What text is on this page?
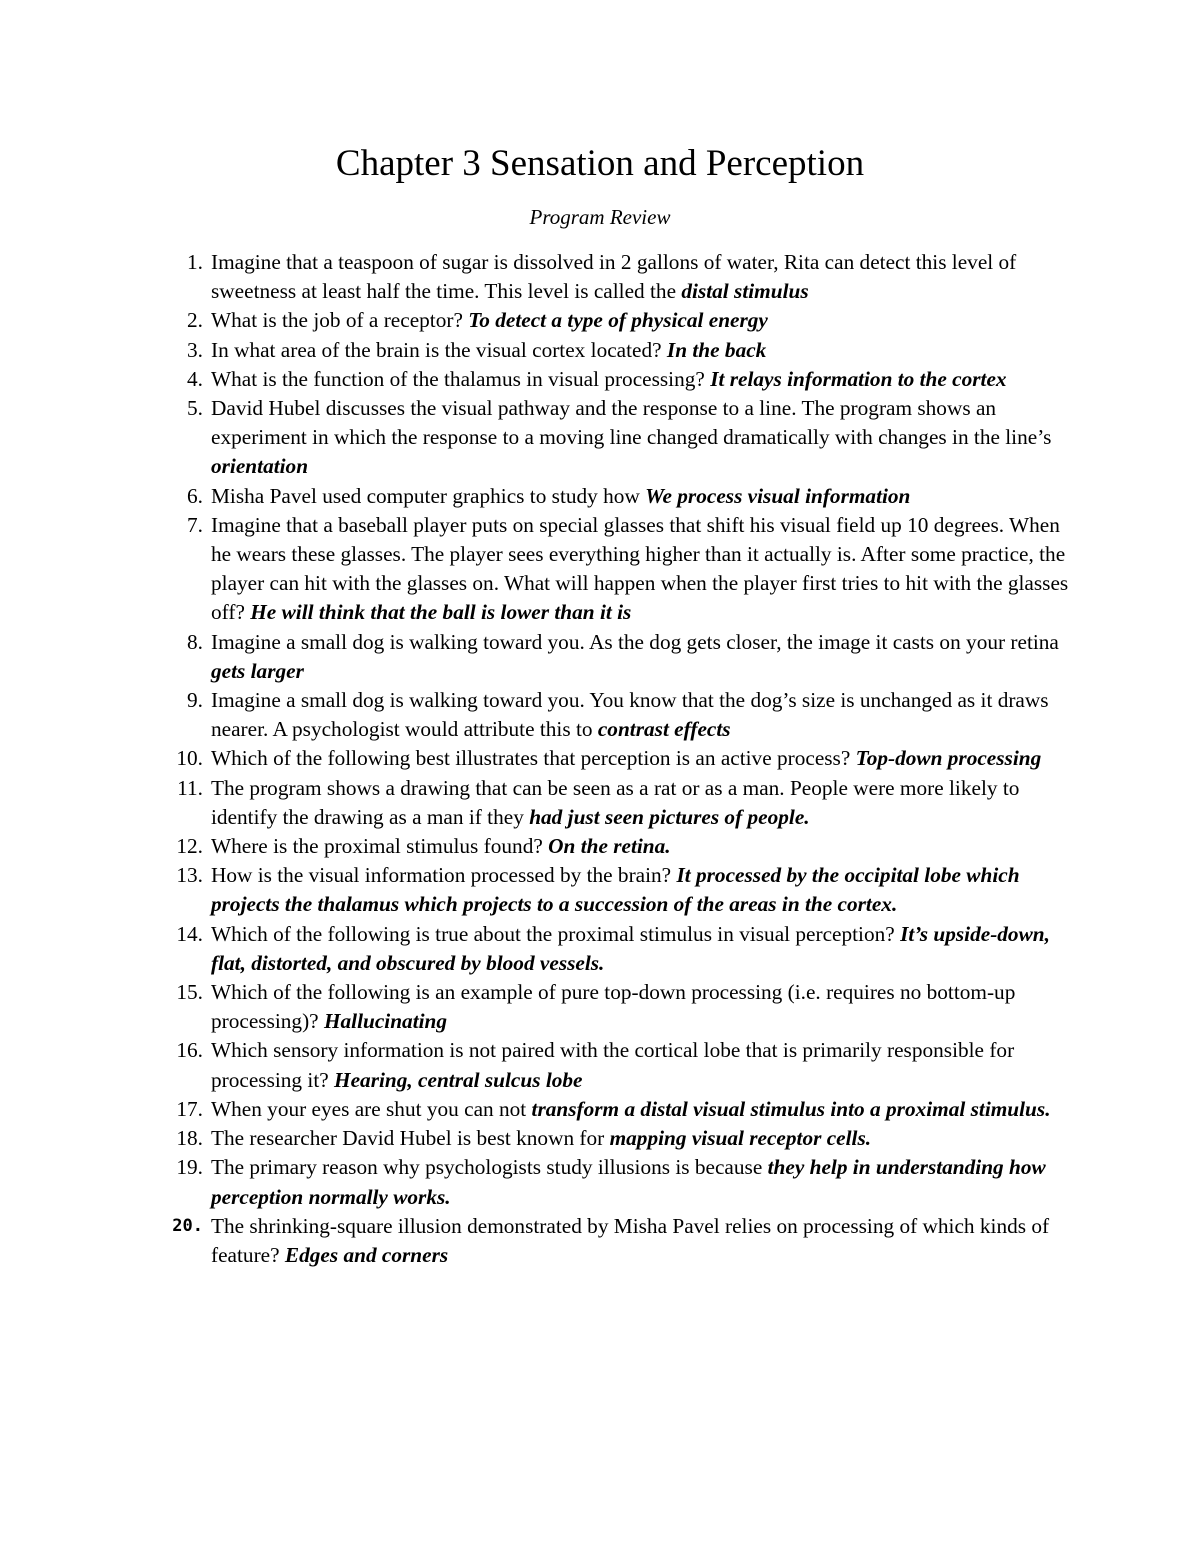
Chapter 3 Sensation and Perception
Program Review
1. Imagine that a teaspoon of sugar is dissolved in 2 gallons of water, Rita can detect this level of sweetness at least half the time. This level is called the distal stimulus
2. What is the job of a receptor? To detect a type of physical energy
3. In what area of the brain is the visual cortex located? In the back
4. What is the function of the thalamus in visual processing? It relays information to the cortex
5. David Hubel discusses the visual pathway and the response to a line. The program shows an experiment in which the response to a moving line changed dramatically with changes in the line’s orientation
6. Misha Pavel used computer graphics to study how We process visual information
7. Imagine that a baseball player puts on special glasses that shift his visual field up 10 degrees. When he wears these glasses. The player sees everything higher than it actually is. After some practice, the player can hit with the glasses on. What will happen when the player first tries to hit with the glasses off? He will think that the ball is lower than it is
8. Imagine a small dog is walking toward you. As the dog gets closer, the image it casts on your retina gets larger
9. Imagine a small dog is walking toward you. You know that the dog’s size is unchanged as it draws nearer. A psychologist would attribute this to contrast effects
10. Which of the following best illustrates that perception is an active process? Top-down processing
11. The program shows a drawing that can be seen as a rat or as a man. People were more likely to identify the drawing as a man if they had just seen pictures of people.
12. Where is the proximal stimulus found? On the retina.
13. How is the visual information processed by the brain? It processed by the occipital lobe which projects the thalamus which projects to a succession of the areas in the cortex.
14. Which of the following is true about the proximal stimulus in visual perception? It’s upside-down, flat, distorted, and obscured by blood vessels.
15. Which of the following is an example of pure top-down processing (i.e. requires no bottom-up processing)? Hallucinating
16. Which sensory information is not paired with the cortical lobe that is primarily responsible for processing it? Hearing, central sulcus lobe
17. When your eyes are shut you can not transform a distal visual stimulus into a proximal stimulus.
18. The researcher David Hubel is best known for mapping visual receptor cells.
19. The primary reason why psychologists study illusions is because they help in understanding how perception normally works.
20. The shrinking-square illusion demonstrated by Misha Pavel relies on processing of which kinds of feature? Edges and corners
